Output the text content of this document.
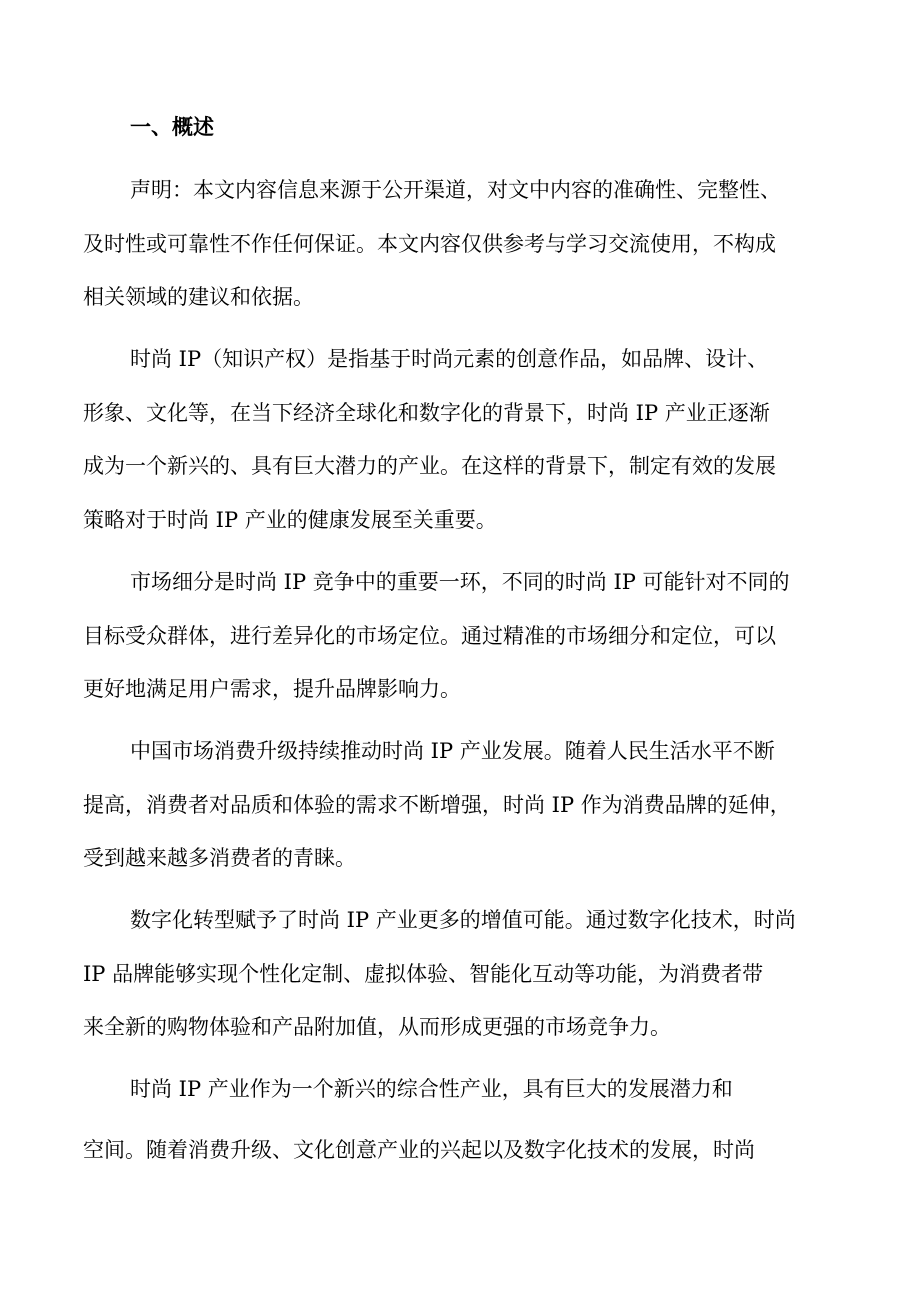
一、概述
声明：本文内容信息来源于公开渠道，对文中内容的准确性、完整性、
及时性或可靠性不作任何保证。本文内容仅供参考与学习交流使用，不构成
相关领域的建议和依据。
时尚 IP（知识产权）是指基于时尚元素的创意作品，如品牌、设计、
形象、文化等，在当下经济全球化和数字化的背景下，时尚 IP 产业正逐渐
成为一个新兴的、具有巨大潜力的产业。在这样的背景下，制定有效的发展
策略对于时尚 IP 产业的健康发展至关重要。
市场细分是时尚 IP 竞争中的重要一环，不同的时尚 IP 可能针对不同的
目标受众群体，进行差异化的市场定位。通过精准的市场细分和定位，可以
更好地满足用户需求，提升品牌影响力。
中国市场消费升级持续推动时尚 IP 产业发展。随着人民生活水平不断
提高，消费者对品质和体验的需求不断增强，时尚 IP 作为消费品牌的延伸，
受到越来越多消费者的青睐。
数字化转型赋予了时尚 IP 产业更多的增值可能。通过数字化技术，时尚
IP 品牌能够实现个性化定制、虚拟体验、智能化互动等功能，为消费者带
来全新的购物体验和产品附加值，从而形成更强的市场竞争力。
时尚 IP 产业作为一个新兴的综合性产业，具有巨大的发展潜力和
空间。随着消费升级、文化创意产业的兴起以及数字化技术的发展，时尚
